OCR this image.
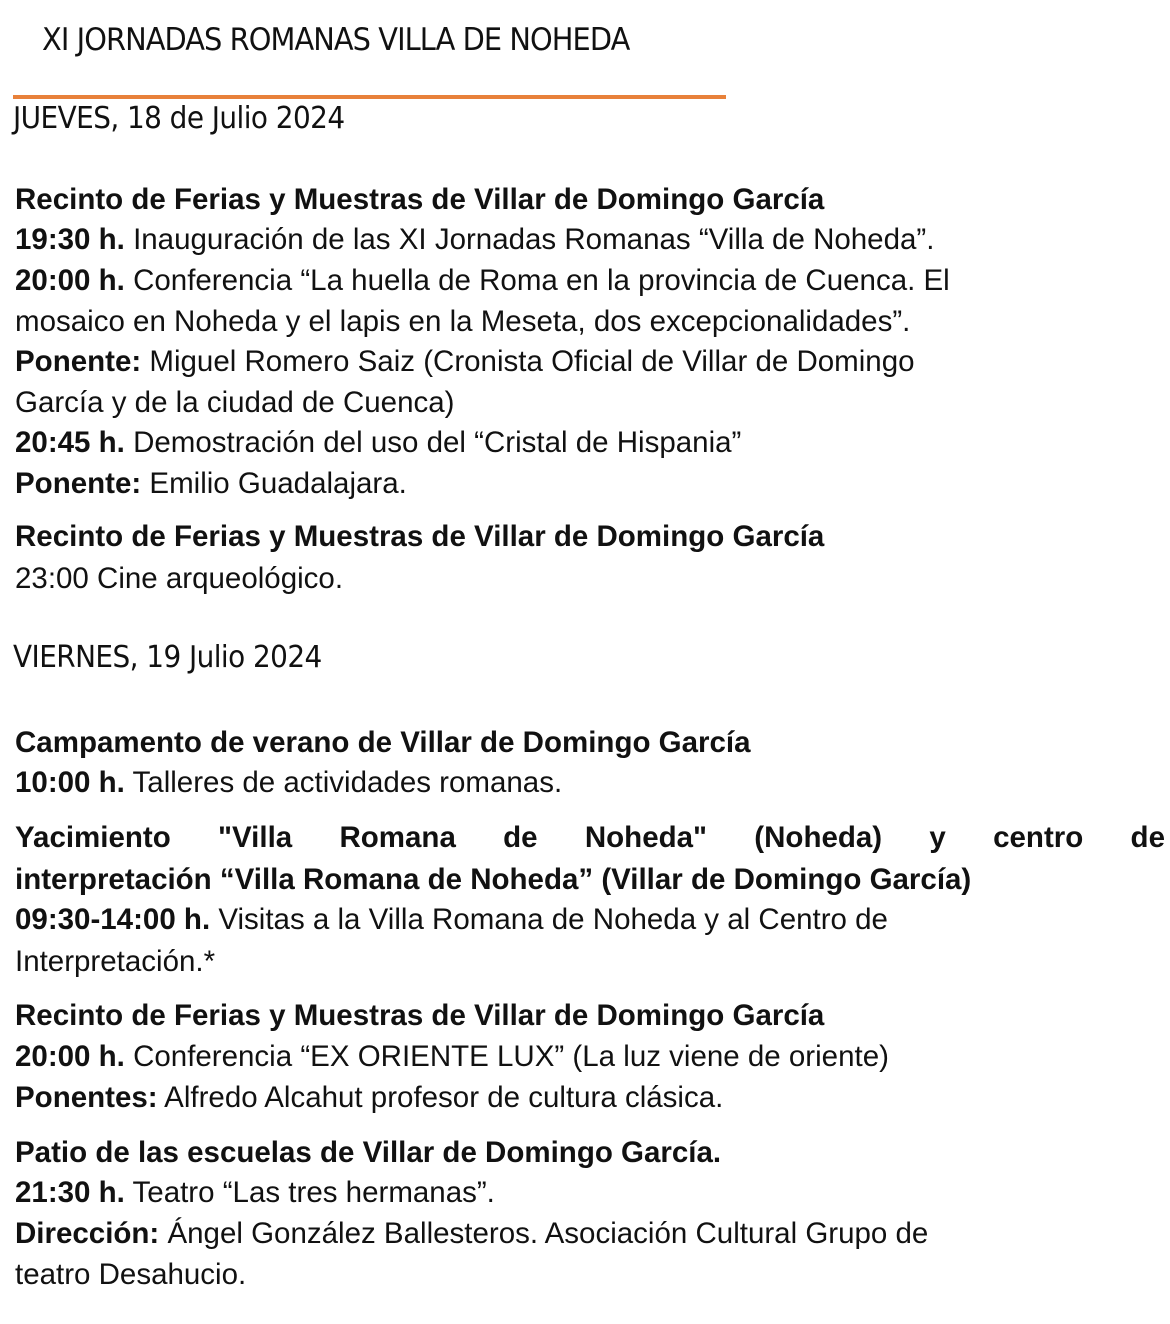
XI JORNADAS ROMANAS VILLA DE NOHEDA
JUEVES, 18 de Julio 2024
Recinto de Ferias y Muestras de Villar de Domingo García
19:30 h. Inauguración de las XI Jornadas Romanas “Villa de Noheda”.
20:00 h. Conferencia “La huella de Roma en la provincia de Cuenca. El
mosaico en Noheda y el lapis en la Meseta, dos excepcionalidades”.
Ponente: Miguel Romero Saiz (Cronista Oficial de Villar de Domingo
García y de la ciudad de Cuenca)
20:45 h. Demostración del uso del “Cristal de Hispania”
Ponente: Emilio Guadalajara.
Recinto de Ferias y Muestras de Villar de Domingo García
23:00 Cine arqueológico.
VIERNES, 19 Julio 2024
Campamento de verano de Villar de Domingo García
10:00 h. Talleres de actividades romanas.
Yacimiento "Villa Romana de Noheda" (Noheda) y centro de
interpretación “Villa Romana de Noheda” (Villar de Domingo García)
09:30-14:00 h. Visitas a la Villa Romana de Noheda y al Centro de
Interpretación.*
Recinto de Ferias y Muestras de Villar de Domingo García
20:00 h. Conferencia “EX ORIENTE LUX” (La luz viene de oriente)
Ponentes: Alfredo Alcahut profesor de cultura clásica.
Patio de las escuelas de Villar de Domingo García.
21:30 h. Teatro “Las tres hermanas”.
Dirección: Ángel González Ballesteros. Asociación Cultural Grupo de
teatro Desahucio.
